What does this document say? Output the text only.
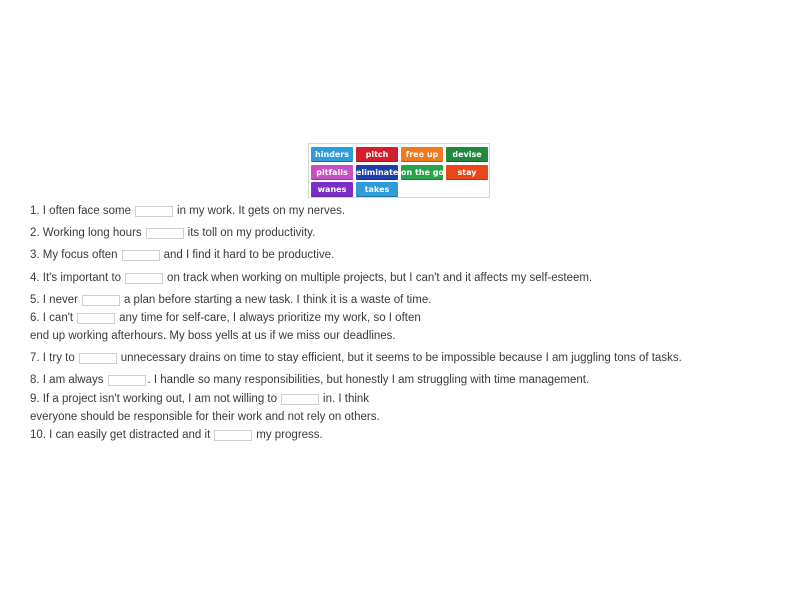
hinders	pitch	free up	devise
pitfalls	eliminate on the go	stay
wanes	takes
1. I often face some	in my work. It gets on my nerves.
2. Working long hours	its toll on my productivity.
3. My focus often	and I find it hard to be productive.
4. It's important to	on track when working on multiple projects, but I can't and it affects my self-esteem.
5. I never	a plan before starting a new task. I think it is a waste of time.
6. I can't	any time for self-care, I always prioritize my work, so I often
end up working afterhours. My boss yells at us if we miss our deadlines.
7. I try to	unnecessary drains on time to stay efficient, but it seems to be impossible because I am juggling tons of tasks.
8. I am always	. I handle so many responsibilities, but honestly I am struggling with time management.
9. If a project isn't working out, I am not willing to	in. I think
everyone should be responsible for their work and not rely on others.
10. I can easily get distracted and it	my progress.
